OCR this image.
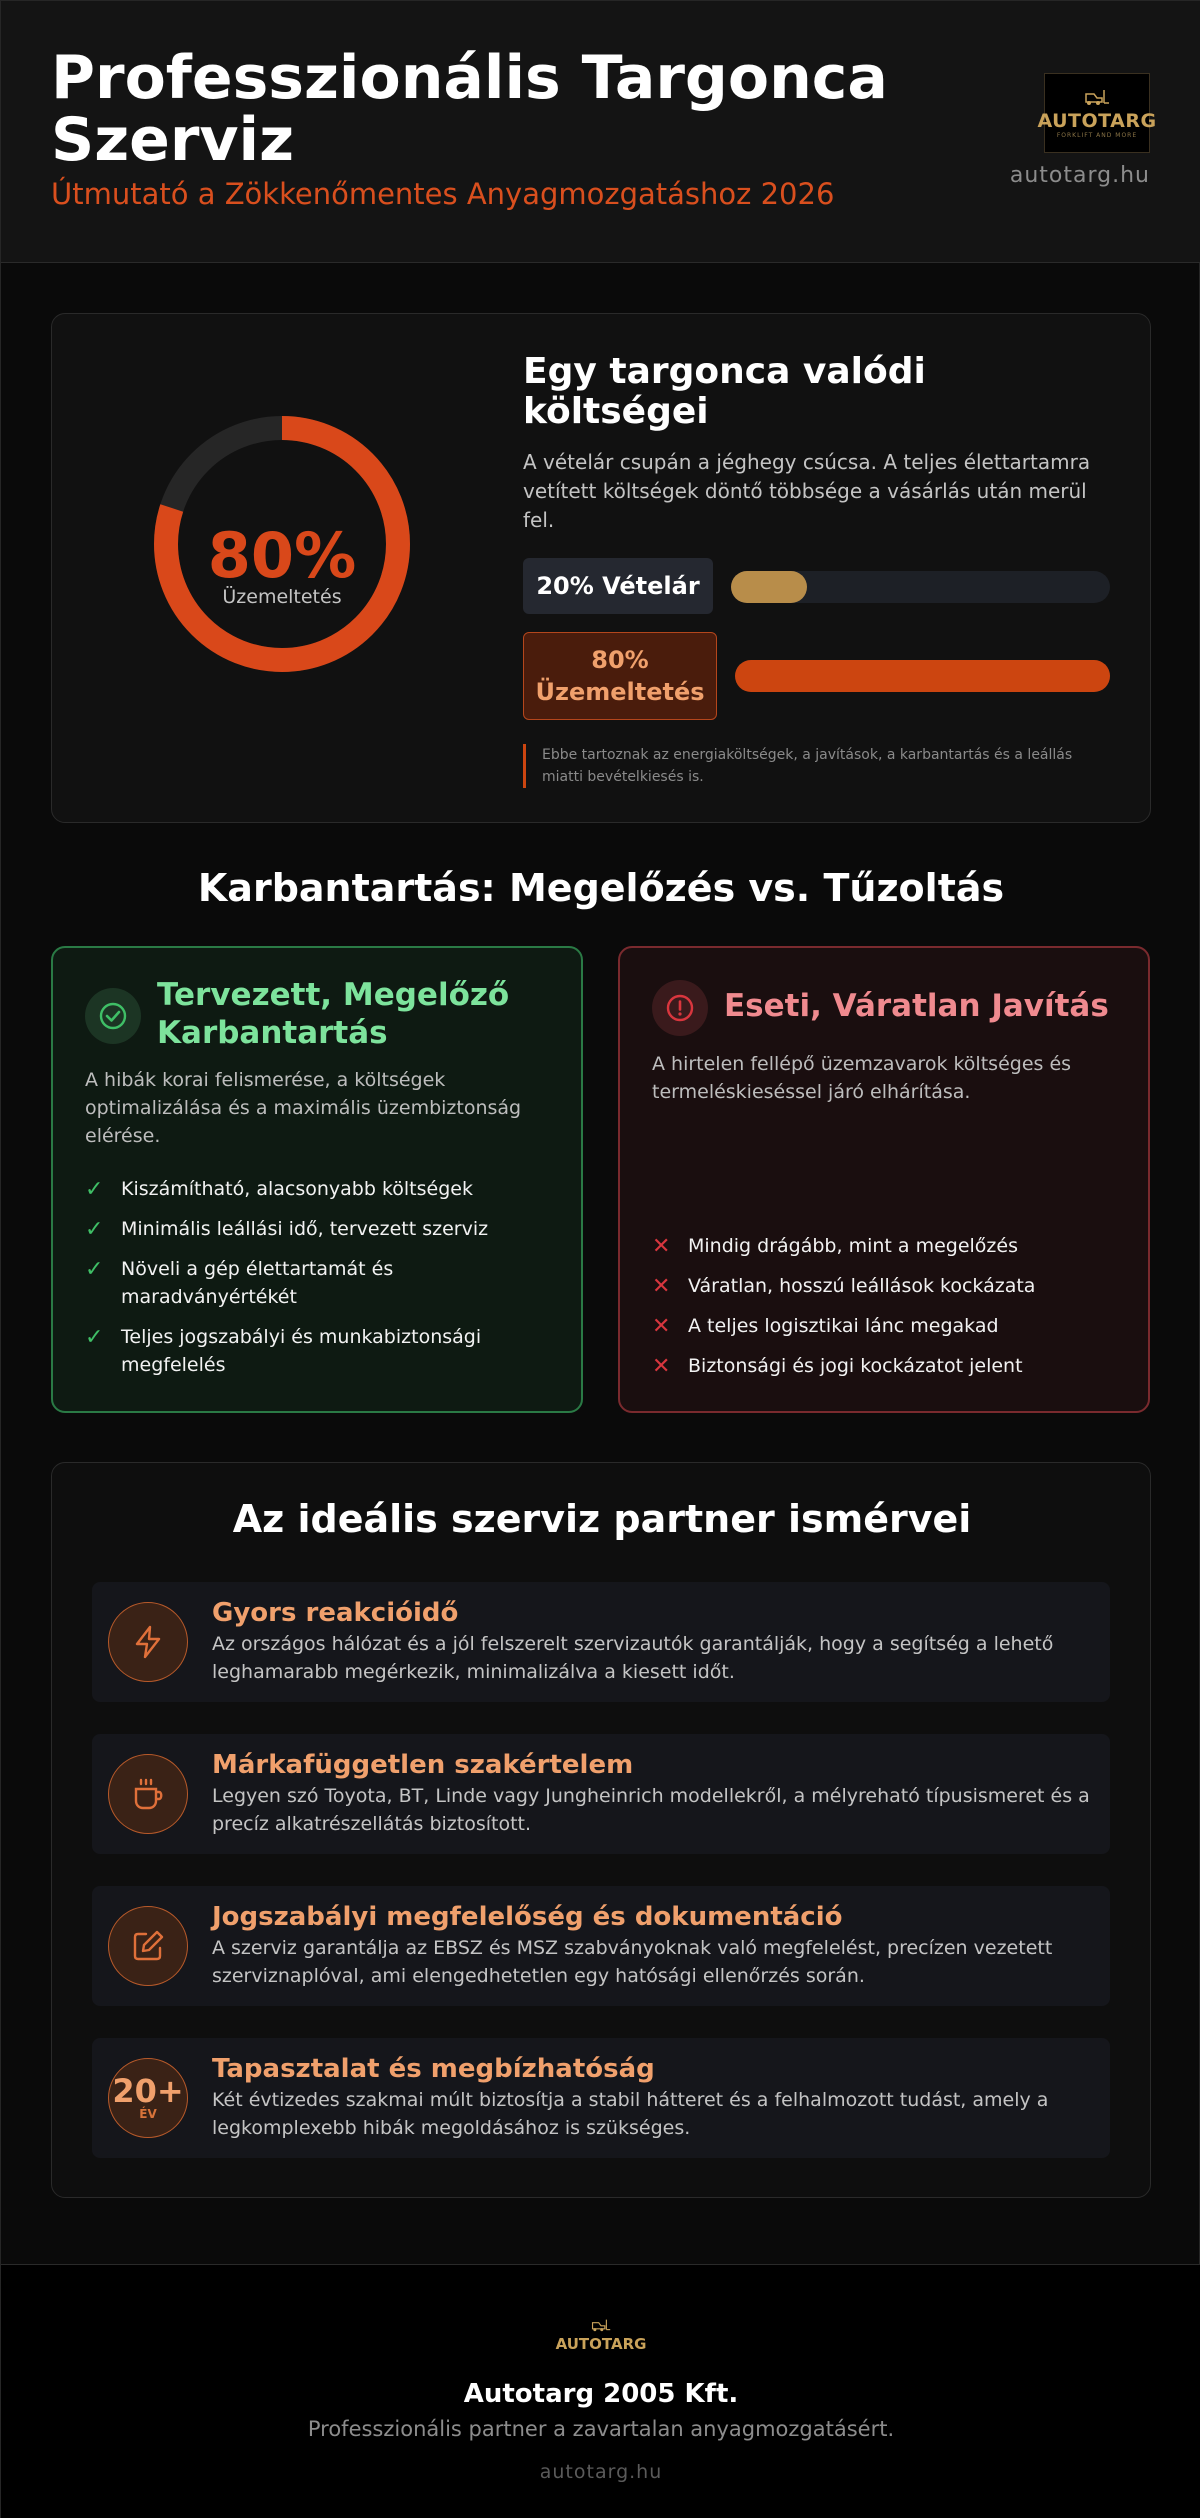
Professzionális Targonca Szerviz
Útmutató a Zökkenőmentes Anyagmozgatáshoz 2026
AUTOTARG
FORKLIFT AND MORE
autotarg.hu
80%
Üzemeltetés
Egy targonca valódi költségei
A vételár csupán a jéghegy csúcsa. A teljes élettartamra vetített költségek döntő többsége a vásárlás után merül fel.
20% Vételár
80% Üzemeltetés
Ebbe tartoznak az energiaköltségek, a javítások, a karbantartás és a leállás miatti bevételkiesés is.
Karbantartás: Megelőzés vs. Tűzoltás
Tervezett, Megelőző Karbantartás
A hibák korai felismerése, a költségek optimalizálása és a maximális üzembiztonság elérése.
✓ Kiszámítható, alacsonyabb költségek
✓ Minimális leállási idő, tervezett szerviz
✓ Növeli a gép élettartamát és maradványértékét
✓ Teljes jogszabályi és munkabiztonsági megfelelés
Eseti, Váratlan Javítás
A hirtelen fellépő üzemzavarok költséges és termeléskieséssel járó elhárítása.
✕ Mindig drágább, mint a megelőzés
✕ Váratlan, hosszú leállások kockázata
✕ A teljes logisztikai lánc megakad
✕ Biztonsági és jogi kockázatot jelent
Az ideális szerviz partner ismérvei
Gyors reakcióidő
Az országos hálózat és a jól felszerelt szervizautók garantálják, hogy a segítség a lehető leghamarabb megérkezik, minimalizálva a kiesett időt.
Márkafüggetlen szakértelem
Legyen szó Toyota, BT, Linde vagy Jungheinrich modellekről, a mélyreható típusismeret és a precíz alkatrészellátás biztosított.
Jogszabályi megfelelőség és dokumentáció
A szerviz garantálja az EBSZ és MSZ szabványoknak való megfelelést, precízen vezetett szerviznaplóval, ami elengedhetetlen egy hatósági ellenőrzés során.
20+
ÉV
Tapasztalat és megbízhatóság
Két évtizedes szakmai múlt biztosítja a stabil hátteret és a felhalmozott tudást, amely a legkomplexebb hibák megoldásához is szükséges.
AUTOTARG
Autotarg 2005 Kft.
Professzionális partner a zavartalan anyagmozgatásért.
autotarg.hu
